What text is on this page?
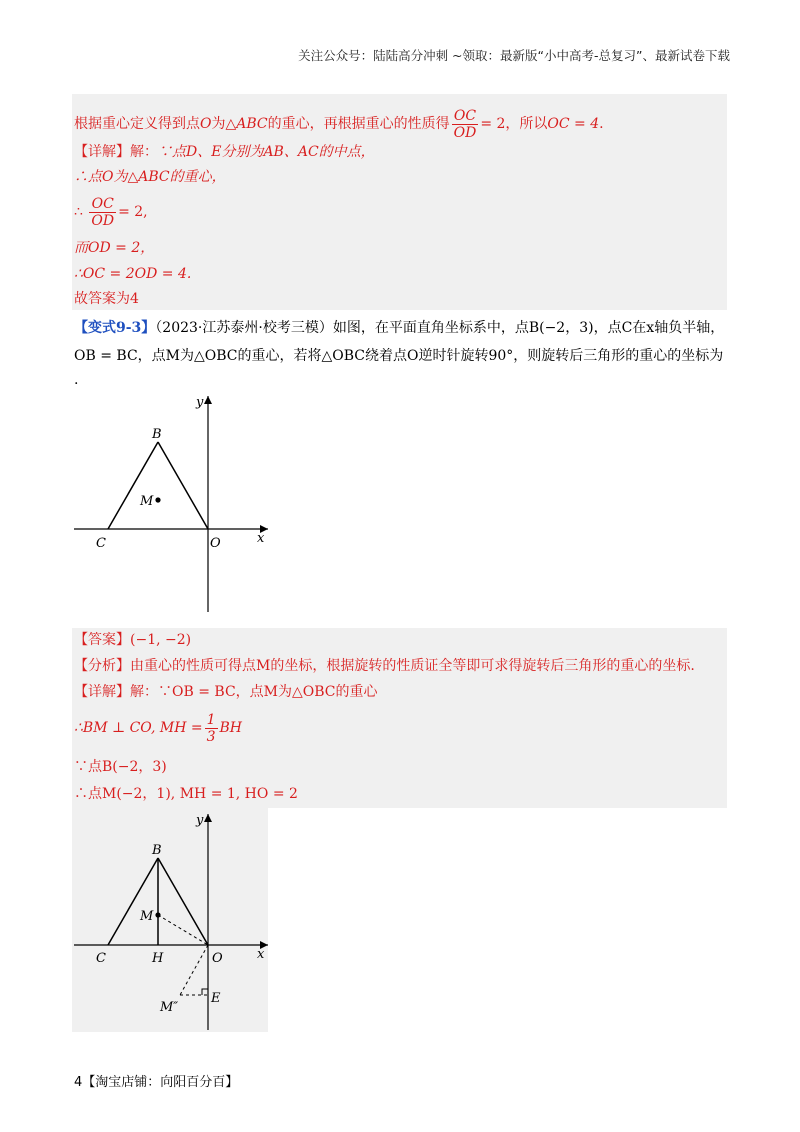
关注公众号：陆陆高分冲刺 ~领取：最新版“小中高考-总复习”、最新试卷下载
根据重心定义得到点O为△ABC的重心，再根据重心的性质得 $\frac{OC}{OD} = 2$，所以OC = 4.
【详解】解：∵点D、E分别为AB、AC的中点，
∴点O为△ABC的重心，
∴ $\frac{OC}{OD} = 2$,
而OD = 2，
∴OC = 2OD = 4.
故答案为4
【变式9-3】（2023·江苏泰州·校考三模）如图，在平面直角坐标系中，点B(−2，3)，点C在x轴负半轴，
OB = BC，点M为△OBC的重心，若将△OBC绕着点O逆时针旋转90°，则旋转后三角形的重心的坐标为
.
y
B
M
C	O	x
【答案】(−1, −2)
【分析】由重心的性质可得点M的坐标，根据旋转的性质证全等即可求得旋转后三角形的重心的坐标.
【详解】解：∵OB = BC，点M为△OBC的重心
∴BM ⊥ CO, MH = $\frac{1}{3}$ BH
∵点B(−2，3)
∴点M(−2，1), MH = 1, HO = 2
y
B
M
C	H	O	x
M″
E
4【淘宝店铺：向阳百分百】
